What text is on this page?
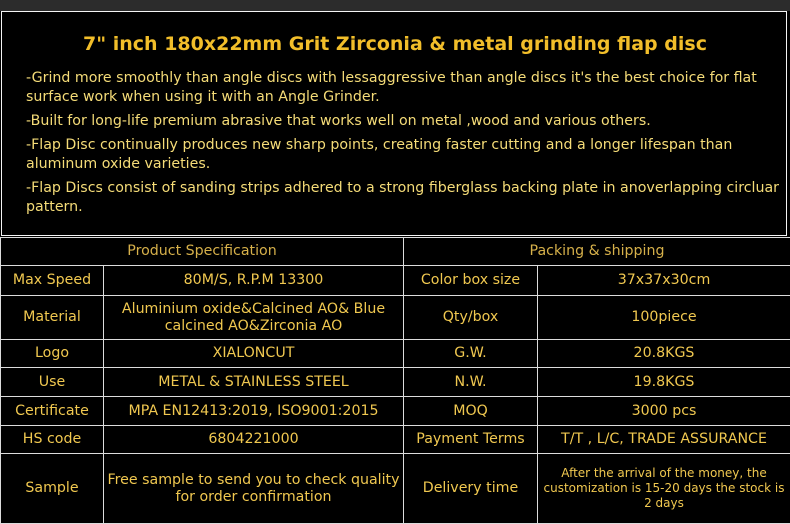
7" inch 180x22mm Grit Zirconia & metal grinding flap disc

-Grind more smoothly than angle discs with lessaggressive than angle discs it's the best choice for flat surface work when using it with an Angle Grinder.

-Built for long-life premium abrasive that works well on metal ,wood and various others.

-Flap Disc continually produces new sharp points, creating faster cutting and a longer lifespan than aluminum oxide varieties.

-Flap Discs consist of sanding strips adhered to a strong fiberglass backing plate in anoverlapping circluar pattern.

Product Specification		Packing & shipping	
Max Speed	80M/S, R.P.M 13300	Color box size	37x37x30cm
Material	Aluminium oxide&Calcined AO& Blue calcined AO&Zirconia AO	Qty/box	100piece
Logo	XIALONCUT	G.W.	20.8KGS
Use	METAL & STAINLESS STEEL	N.W.	19.8KGS
Certificate	MPA EN12413:2019, ISO9001:2015	MOQ	3000 pcs
HS code	6804221000	Payment Terms	T/T , L/C, TRADE ASSURANCE
Sample	Free sample to send you to check quality for order confirmation	Delivery time	After the arrival of the money, the customization is 15-20 days the stock is 2 days
